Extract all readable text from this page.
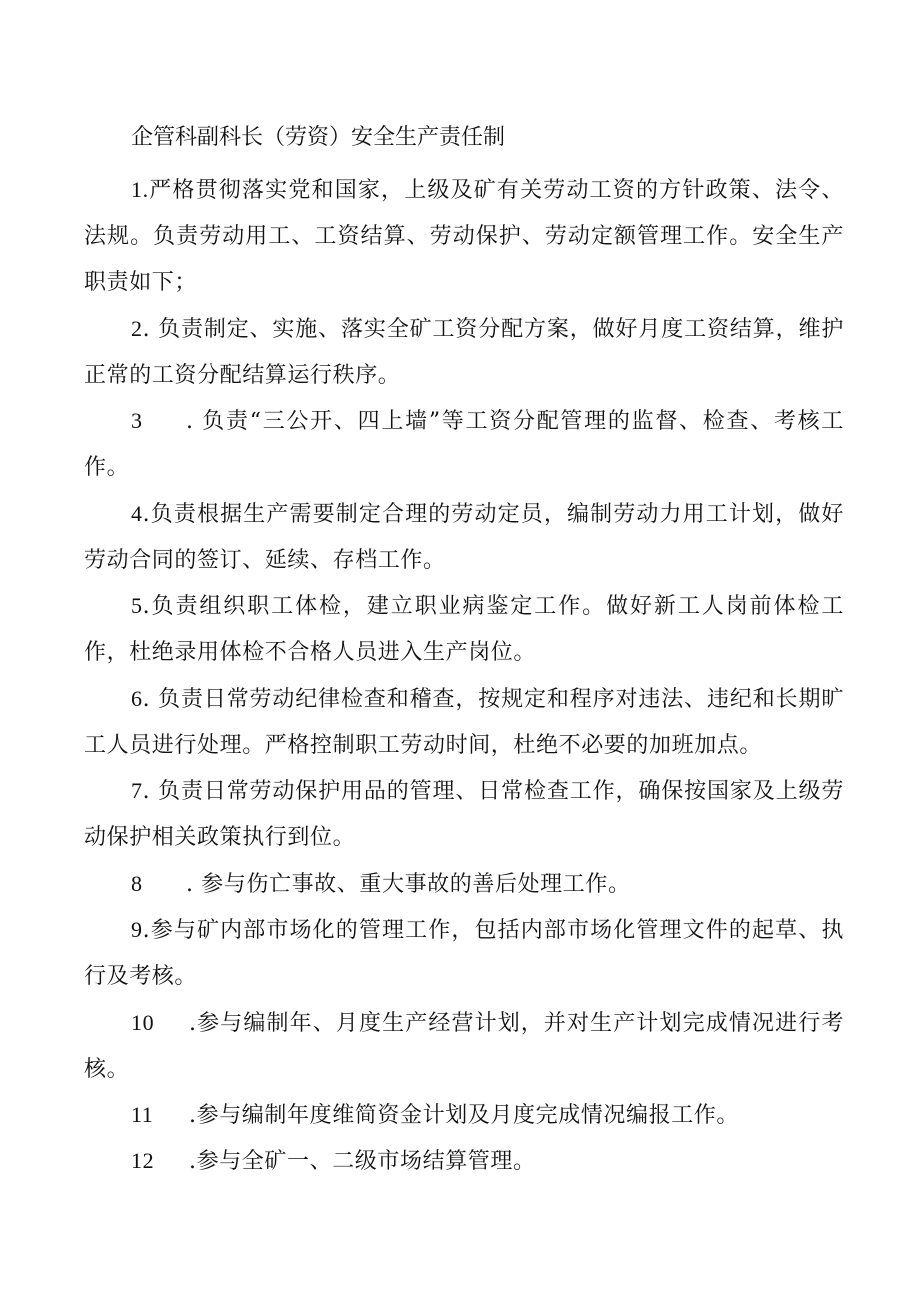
企管科副科长（劳资）安全生产责任制
1.严格贯彻落实党和国家，上级及矿有关劳动工资的方针政策、法令、法规。负责劳动用工、工资结算、劳动保护、劳动定额管理工作。安全生产职责如下；
2. 负责制定、实施、落实全矿工资分配方案，做好月度工资结算，维护正常的工资分配结算运行秩序。
3 . 负责“三公开、四上墙”等工资分配管理的监督、检查、考核工作。
4.负责根据生产需要制定合理的劳动定员，编制劳动力用工计划，做好劳动合同的签订、延续、存档工作。
5.负责组织职工体检，建立职业病鉴定工作。做好新工人岗前体检工作，杜绝录用体检不合格人员进入生产岗位。
6. 负责日常劳动纪律检查和稽查，按规定和程序对违法、违纪和长期旷工人员进行处理。严格控制职工劳动时间，杜绝不必要的加班加点。
7. 负责日常劳动保护用品的管理、日常检查工作，确保按国家及上级劳动保护相关政策执行到位。
8 . 参与伤亡事故、重大事故的善后处理工作。
9.参与矿内部市场化的管理工作，包括内部市场化管理文件的起草、执行及考核。
10 .参与编制年、月度生产经营计划，并对生产计划完成情况进行考核。
11 .参与编制年度维简资金计划及月度完成情况编报工作。
12 .参与全矿一、二级市场结算管理。
